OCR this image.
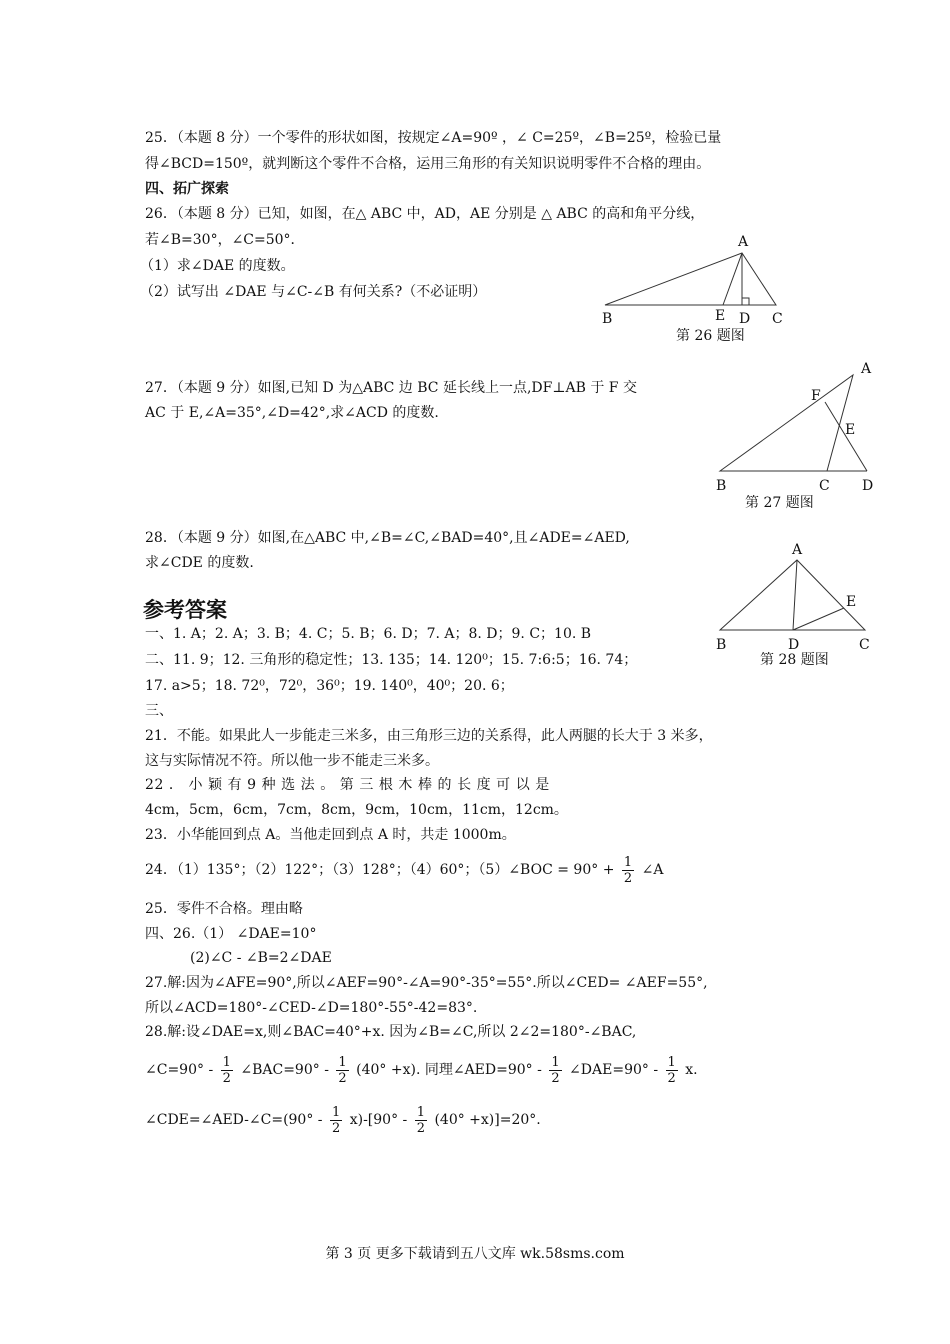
25．（本题 8 分）一个零件的形状如图，按规定∠A=90º ，∠ C=25º，∠B=25º，检验已量
得∠BCD=150º，就判断这个零件不合格，运用三角形的有关知识说明零件不合格的理由。
四、拓广探索
26．（本题 8 分）已知，如图，在△ ABC 中，AD，AE 分别是 △ ABC 的高和角平分线，
若∠B=30°，∠C=50°．
（1）求∠DAE 的度数。
（2）试写出 ∠DAE 与∠C-∠B 有何关系?（不必证明）
A
B	E D C
第 26 题图
27．（本题 9 分）如图,已知 D 为△ABC 边 BC 延长线上一点,DF⊥AB 于 F 交
AC 于 E,∠A=35°,∠D=42°,求∠ACD 的度数.
A
F
E
B	C D
第 27 题图
28．（本题 9 分）如图,在△ABC 中,∠B=∠C,∠BAD=40°,且∠ADE=∠AED,
求∠CDE 的度数.
A
E
B	D	C
第 28 题图
参考答案
一、1. A；2. A；3. B；4. C；5. B；6. D；7. A；8. D；9. C；10. B
二、11. 9；12. 三角形的稳定性；13. 135；14. 120⁰；15. 7:6:5；16. 74；
17. a>5；18. 72⁰，72⁰，36⁰；19. 140⁰，40⁰；20. 6；
三、
21．不能。如果此人一步能走三米多，由三角形三边的关系得，此人两腿的长大于 3 米多，
这与实际情况不符。所以他一步不能走三米多。
22 ． 小 颖 有 9 种 选 法 。 第 三 根 木 棒 的 长 度 可 以 是
4cm，5cm，6cm，7cm，8cm，9cm，10cm，11cm，12cm。
23．小华能回到点 A。当他走回到点 A 时，共走 1000m。
24．（1）135°；（2）122°；（3）128°；（4）60°；（5）∠BOC = $90^\circ + \frac{1}{2}$ ∠A
25．零件不合格。理由略
四、26.（1） ∠DAE=10°
(2)∠C - ∠B=2∠DAE
27.解:因为∠AFE=90°,所以∠AEF=90°-∠A=90°-35°=55°.所以∠CED= ∠AEF=55°,
所以∠ACD=180°-∠CED-∠D=180°-55°-42=83°.
28.解:设∠DAE=x,则∠BAC=40°+x. 因为∠B=∠C,所以 2∠2=180°-∠BAC,
∠C=90° - $\frac{1}{2}$ ∠BAC=90° - $\frac{1}{2} (40^\circ +x)$. 同理∠AED=90° - $\frac{1}{2}$ ∠DAE=90° - $\frac{1}{2} x$.
∠CDE=∠AED-∠C=(90° - $\frac{1}{2} x)-[90^\circ - \frac{1}{2} (40^\circ +x)]=20^\circ$.
第 3 页 更多下载请到五八文库 wk.58sms.com
